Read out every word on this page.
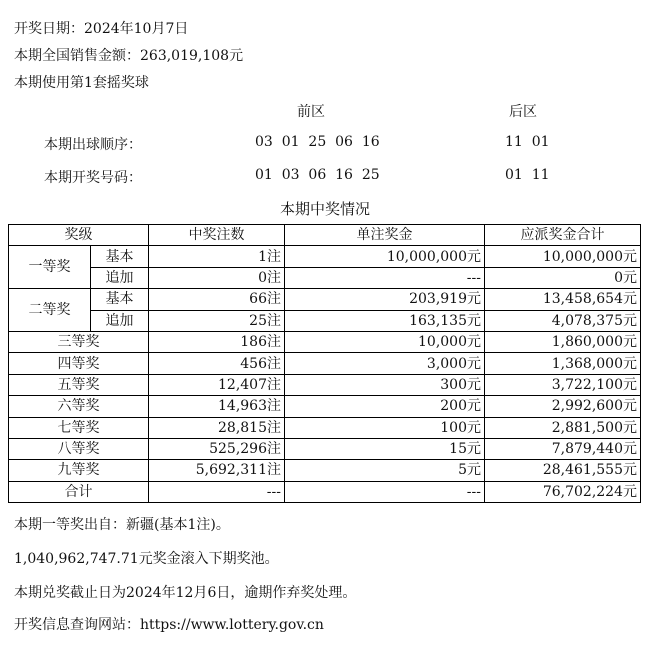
开奖日期：2024年10月7日
本期全国销售金额：263,019,108元
本期使用第1套摇奖球
前区	后区
本期出球顺序：	03  01  25  06  16	11  01
本期开奖号码：	01  03  06  16  25	01  11
本期中奖情况
奖级		中奖注数	单注奖金	应派奖金合计
一等奖	基本	1注	10,000,000元	10,000,000元
	追加	0注	---	0元
二等奖	基本	66注	203,919元	13,458,654元
	追加	25注	163,135元	4,078,375元
三等奖		186注	10,000元	1,860,000元
四等奖		456注	3,000元	1,368,000元
五等奖		12,407注	300元	3,722,100元
六等奖		14,963注	200元	2,992,600元
七等奖		28,815注	100元	2,881,500元
八等奖		525,296注	15元	7,879,440元
九等奖		5,692,311注	5元	28,461,555元
合计		---	---	76,702,224元
本期一等奖出自：新疆(基本1注)。
1,040,962,747.71元奖金滚入下期奖池。
本期兑奖截止日为2024年12月6日，逾期作弃奖处理。
开奖信息查询网站：https://www.lottery.gov.cn
